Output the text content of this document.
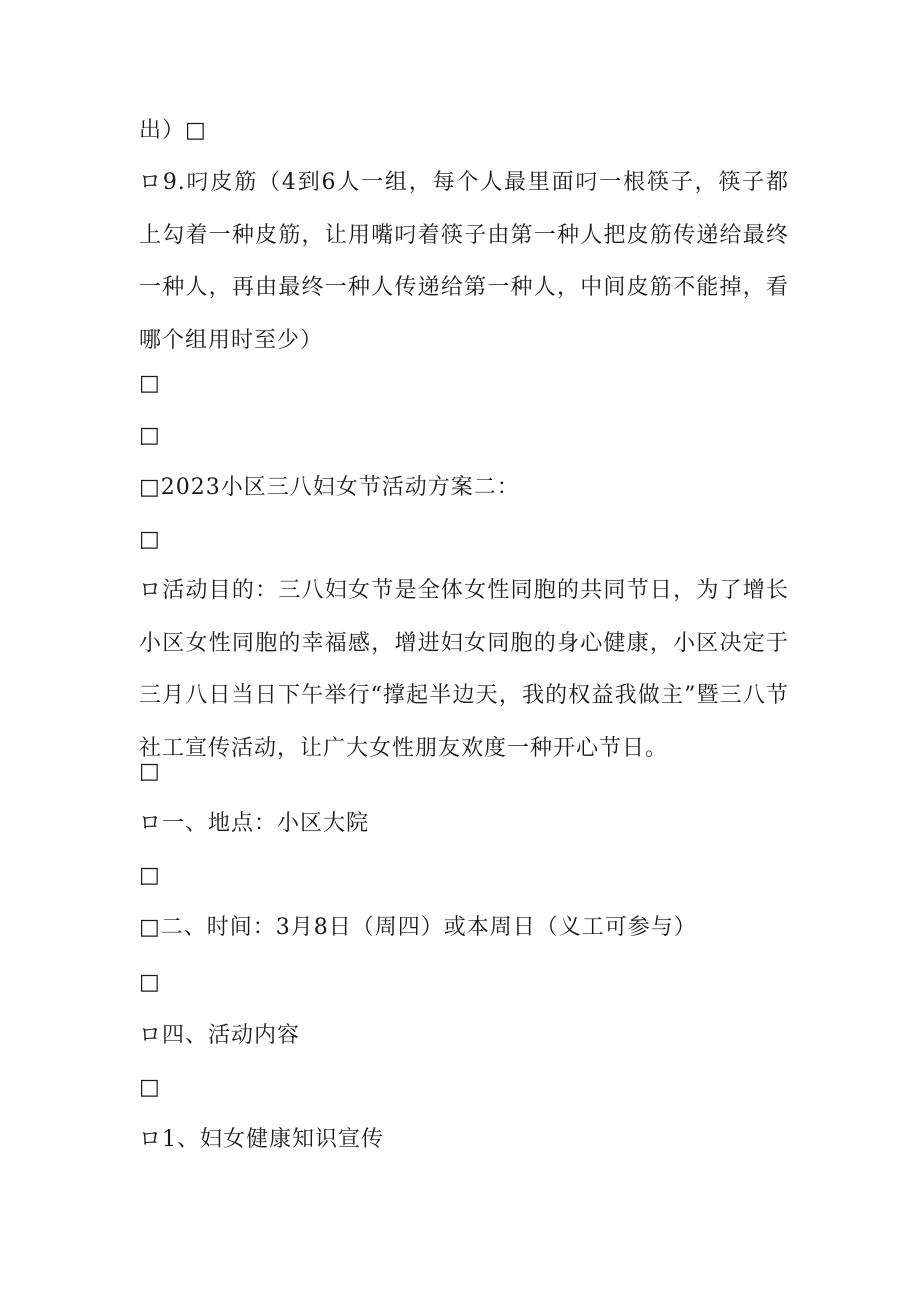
出）□
ロ9.叼皮筋（4到6人一组，每个人最里面叼一根筷子，筷子都上勾着一种皮筋，让用嘴叼着筷子由第一种人把皮筋传递给最终一种人，再由最终一种人传递给第一种人，中间皮筋不能掉，看哪个组用时至少）
□
□
□2023小区三八妇女节活动方案二：
□
ロ活动目的：三八妇女节是全体女性同胞的共同节日，为了增长小区女性同胞的幸福感，增进妇女同胞的身心健康，小区决定于三月八日当日下午举行“撑起半边天，我的权益我做主”暨三八节社工宣传活动，让广大女性朋友欢度一种开心节日。
□
ロ一、地点：小区大院
□
□二、时间：3月8日（周四）或本周日（义工可参与）
□
ロ四、活动内容
□
ロ1、妇女健康知识宣传
